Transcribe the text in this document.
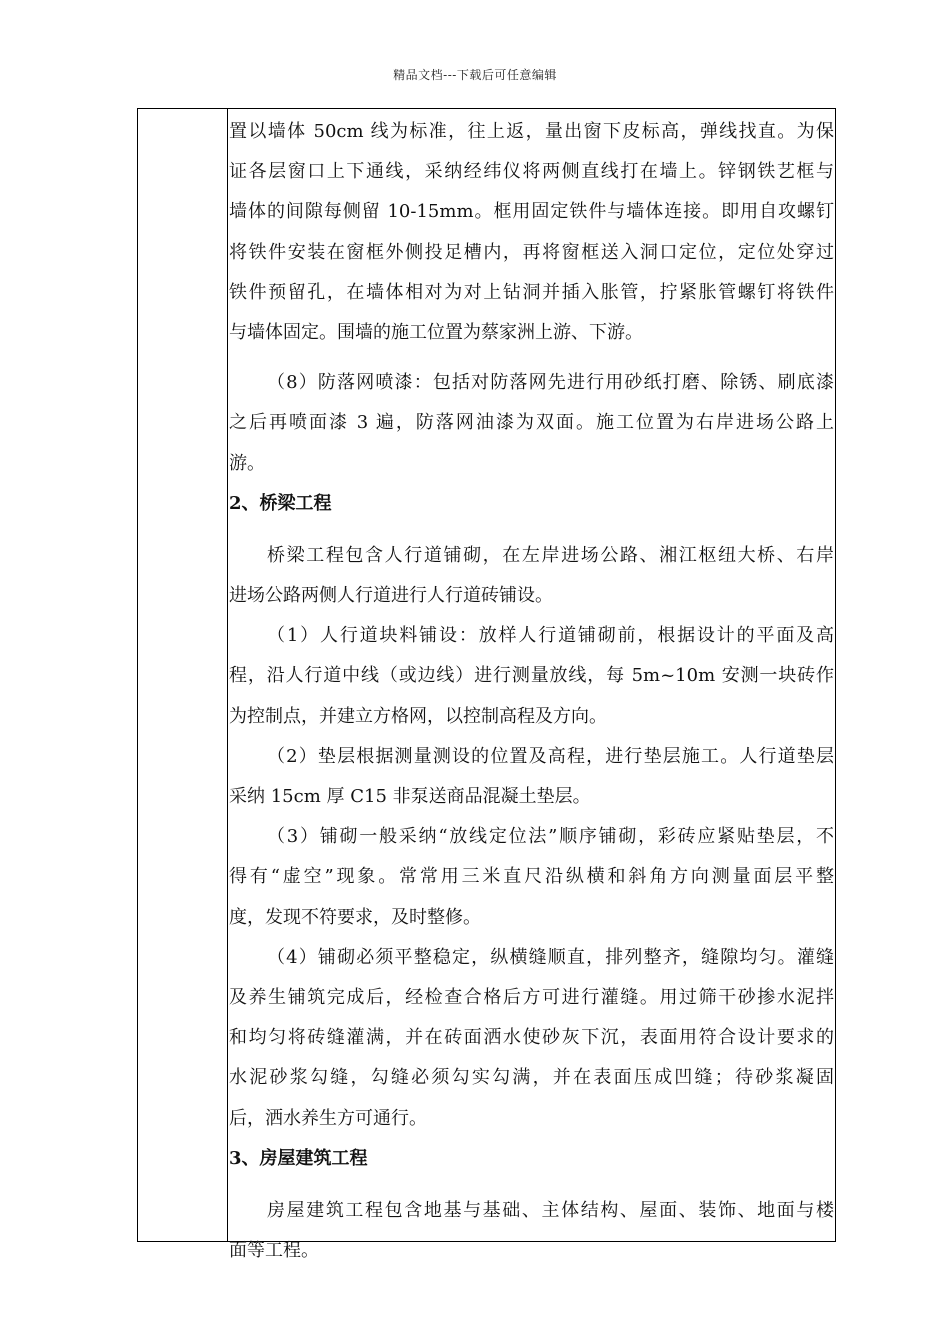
精品文档---下载后可任意编辑
置以墙体 50cm 线为标准，往上返，量出窗下皮标高，弹线找直。为保
证各层窗口上下通线，采纳经纬仪将两侧直线打在墙上。锌钢铁艺框与
墙体的间隙每侧留 10-15mm。框用固定铁件与墙体连接。即用自攻螺钉
将铁件安装在窗框外侧投足槽内，再将窗框送入洞口定位，定位处穿过
铁件预留孔，在墙体相对为对上钻洞并插入胀管，拧紧胀管螺钉将铁件
与墙体固定。围墙的施工位置为蔡家洲上游、下游。
（8）防落网喷漆：包括对防落网先进行用砂纸打磨、除锈、刷底漆
之后再喷面漆 3 遍，防落网油漆为双面。施工位置为右岸进场公路上
游。
2、桥梁工程
桥梁工程包含人行道铺砌，在左岸进场公路、湘江枢纽大桥、右岸
进场公路两侧人行道进行人行道砖铺设。
（1）人行道块料铺设：放样人行道铺砌前，根据设计的平面及高
程，沿人行道中线（或边线）进行测量放线，每 5m~10m 安测一块砖作
为控制点，并建立方格网，以控制高程及方向。
（2）垫层根据测量测设的位置及高程，进行垫层施工。人行道垫层
采纳 15cm 厚 C15 非泵送商品混凝土垫层。
（3）铺砌一般采纳“放线定位法”顺序铺砌，彩砖应紧贴垫层，不
得有“虚空”现象。常常用三米直尺沿纵横和斜角方向测量面层平整
度，发现不符要求，及时整修。
（4）铺砌必须平整稳定，纵横缝顺直，排列整齐，缝隙均匀。灌缝
及养生铺筑完成后，经检查合格后方可进行灌缝。用过筛干砂掺水泥拌
和均匀将砖缝灌满，并在砖面洒水使砂灰下沉，表面用符合设计要求的
水泥砂浆勾缝，勾缝必须勾实勾满，并在表面压成凹缝；待砂浆凝固
后，洒水养生方可通行。
3、房屋建筑工程
房屋建筑工程包含地基与基础、主体结构、屋面、装饰、地面与楼
面等工程。
